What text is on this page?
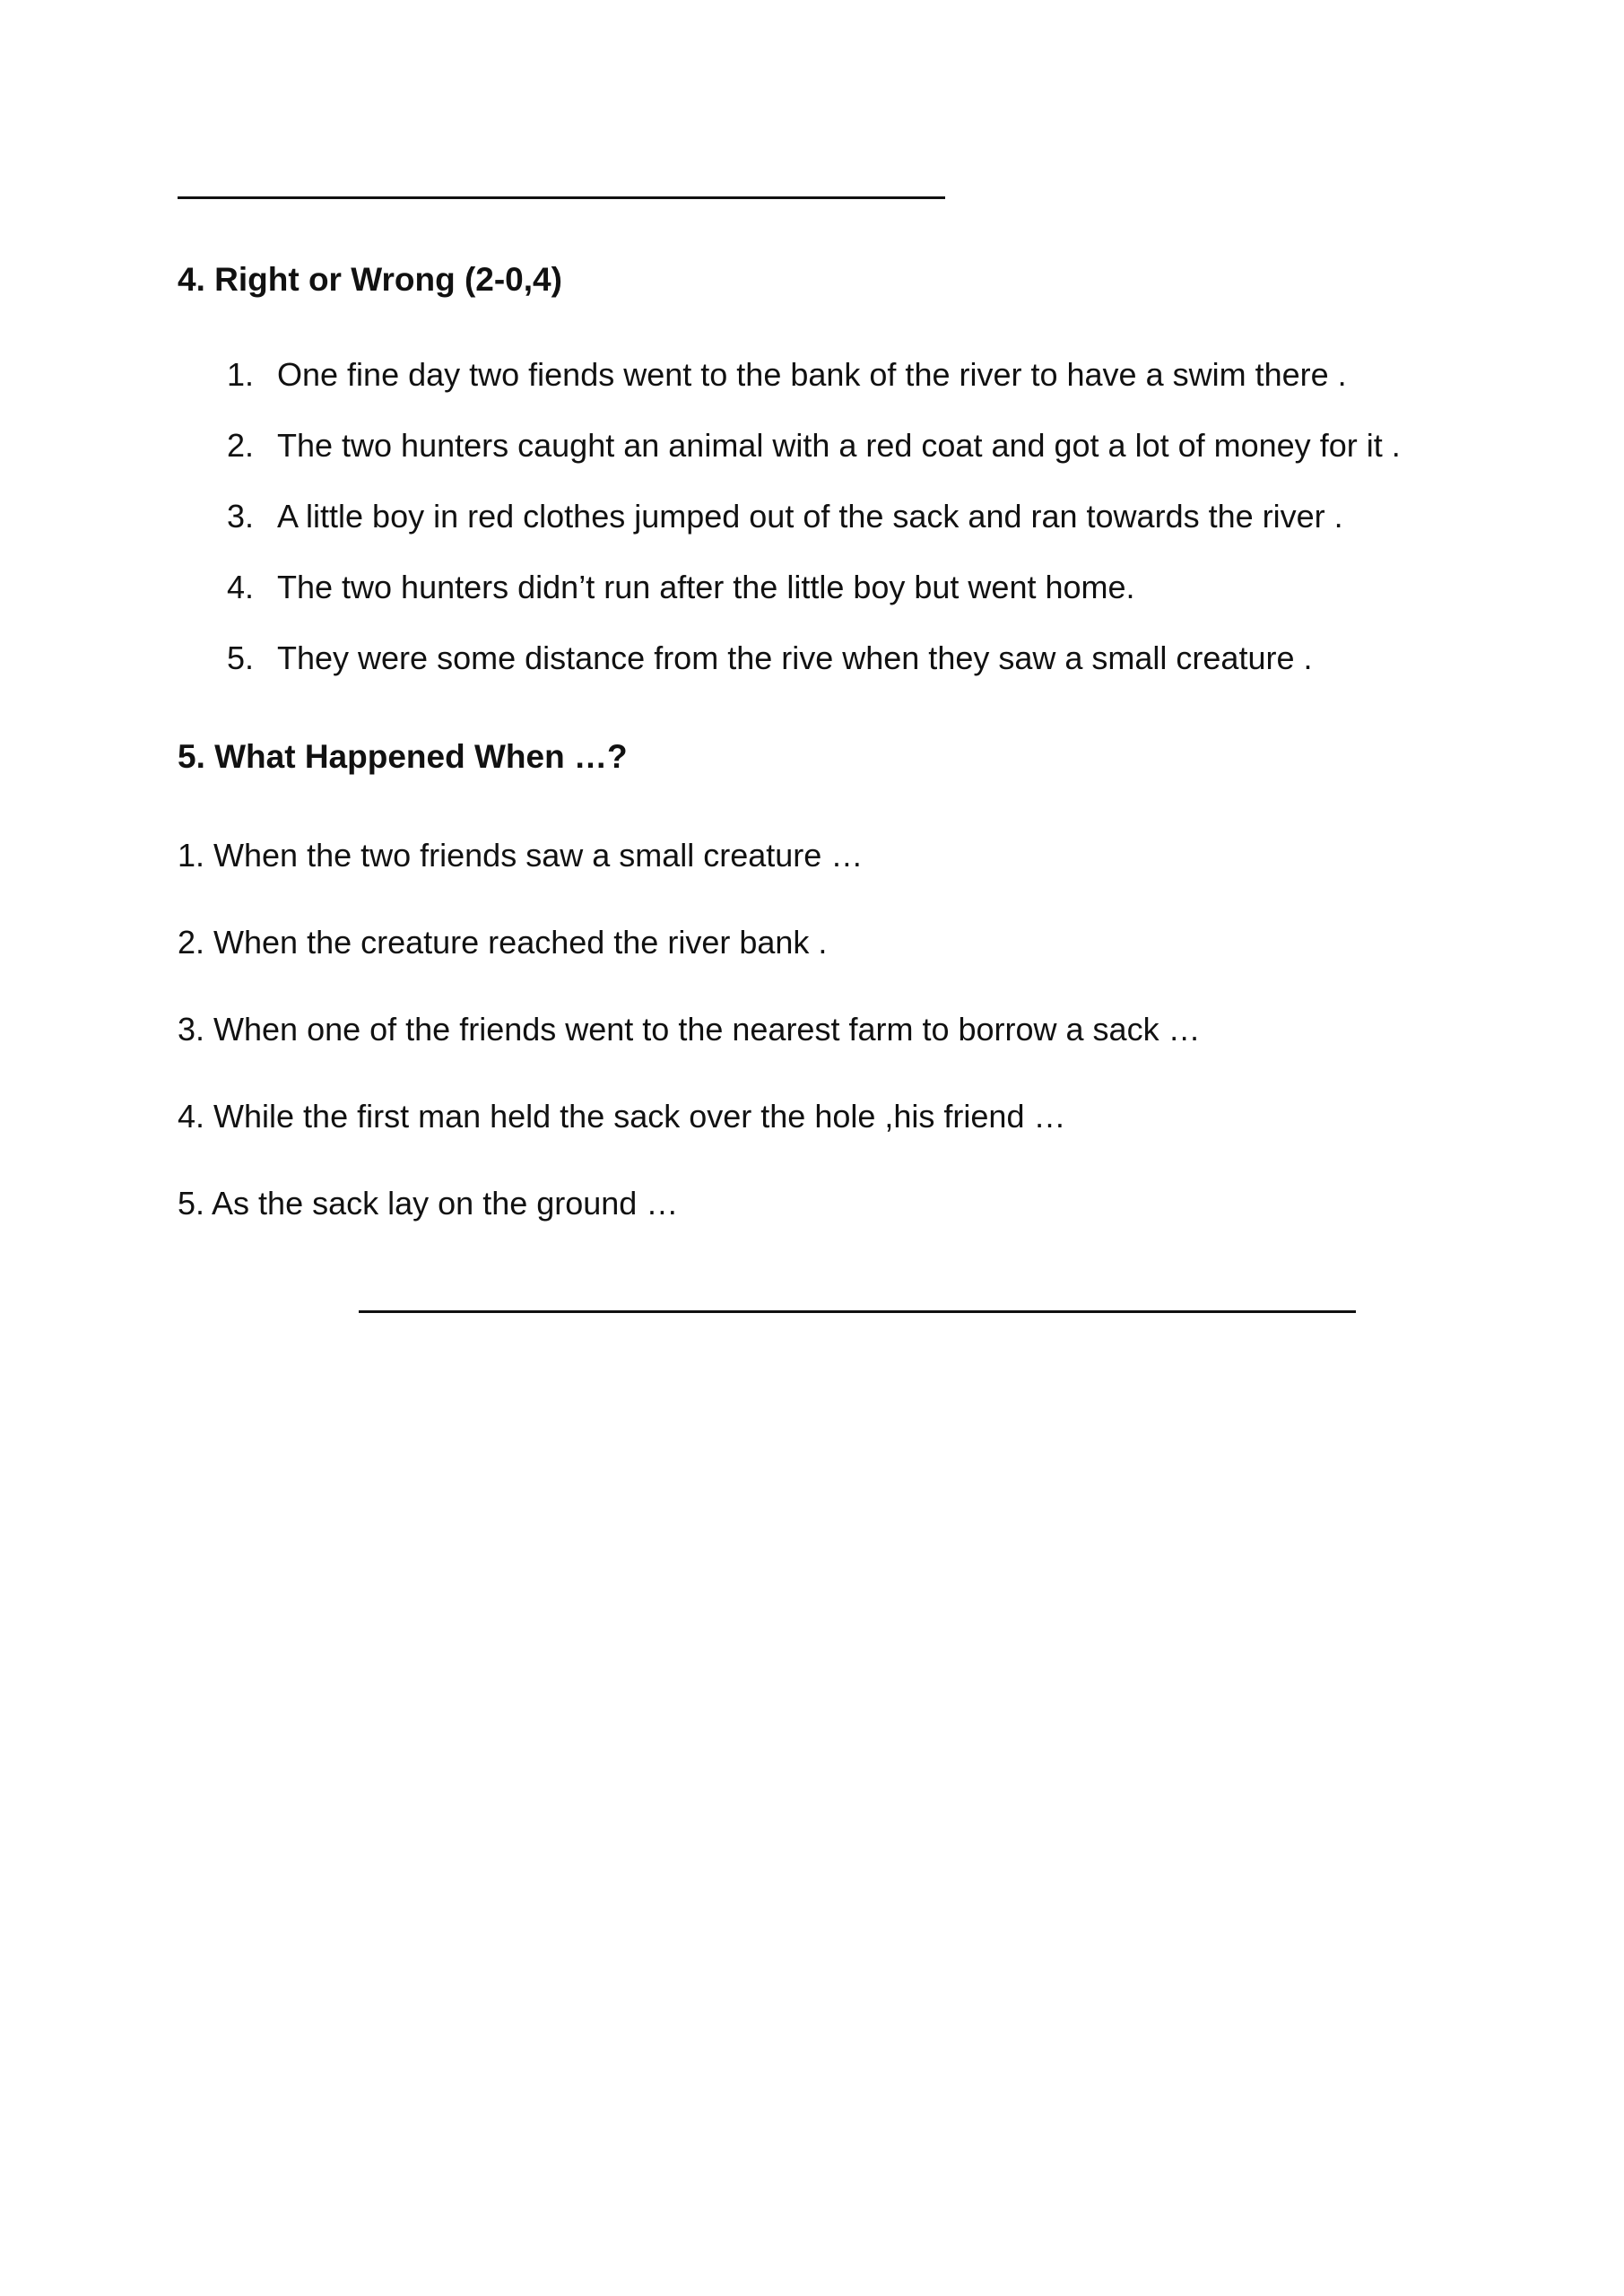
4. Right or Wrong (2-0,4)
1. One fine day two fiends went to the bank of the river to have a swim there .
2. The two hunters caught an animal with a red coat and got a lot of money for it .
3. A little boy in red clothes jumped out of the sack and ran towards the river .
4. The two hunters didn’t run after the little boy but went home.
5. They were some distance from the rive when they saw a small creature .
5. What Happened When …?
1. When the two friends saw a small creature …
2. When the creature reached the river bank .
3. When one of the friends went to the nearest farm to borrow a sack …
4. While the first man held the sack over the hole ,his friend …
5. As the sack lay on the ground …
